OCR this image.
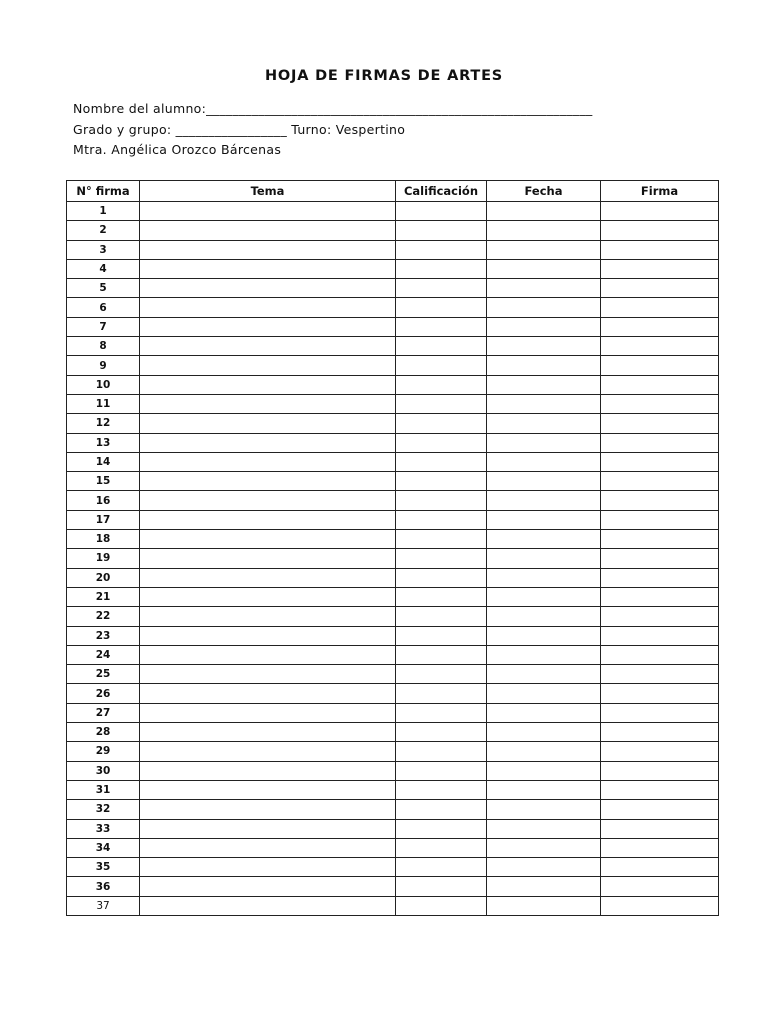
HOJA DE FIRMAS DE ARTES
Nombre del alumno:___________________________________________________________
Grado y grupo: _________________ Turno: Vespertino
Mtra. Angélica Orozco Bárcenas
N° firma	Tema	Calificación	Fecha	Firma
1				
2				
3				
4				
5				
6				
7				
8				
9				
10				
11				
12				
13				
14				
15				
16				
17				
18				
19				
20				
21				
22				
23				
24				
25				
26				
27				
28				
29				
30				
31				
32				
33				
34				
35				
36				
37				
